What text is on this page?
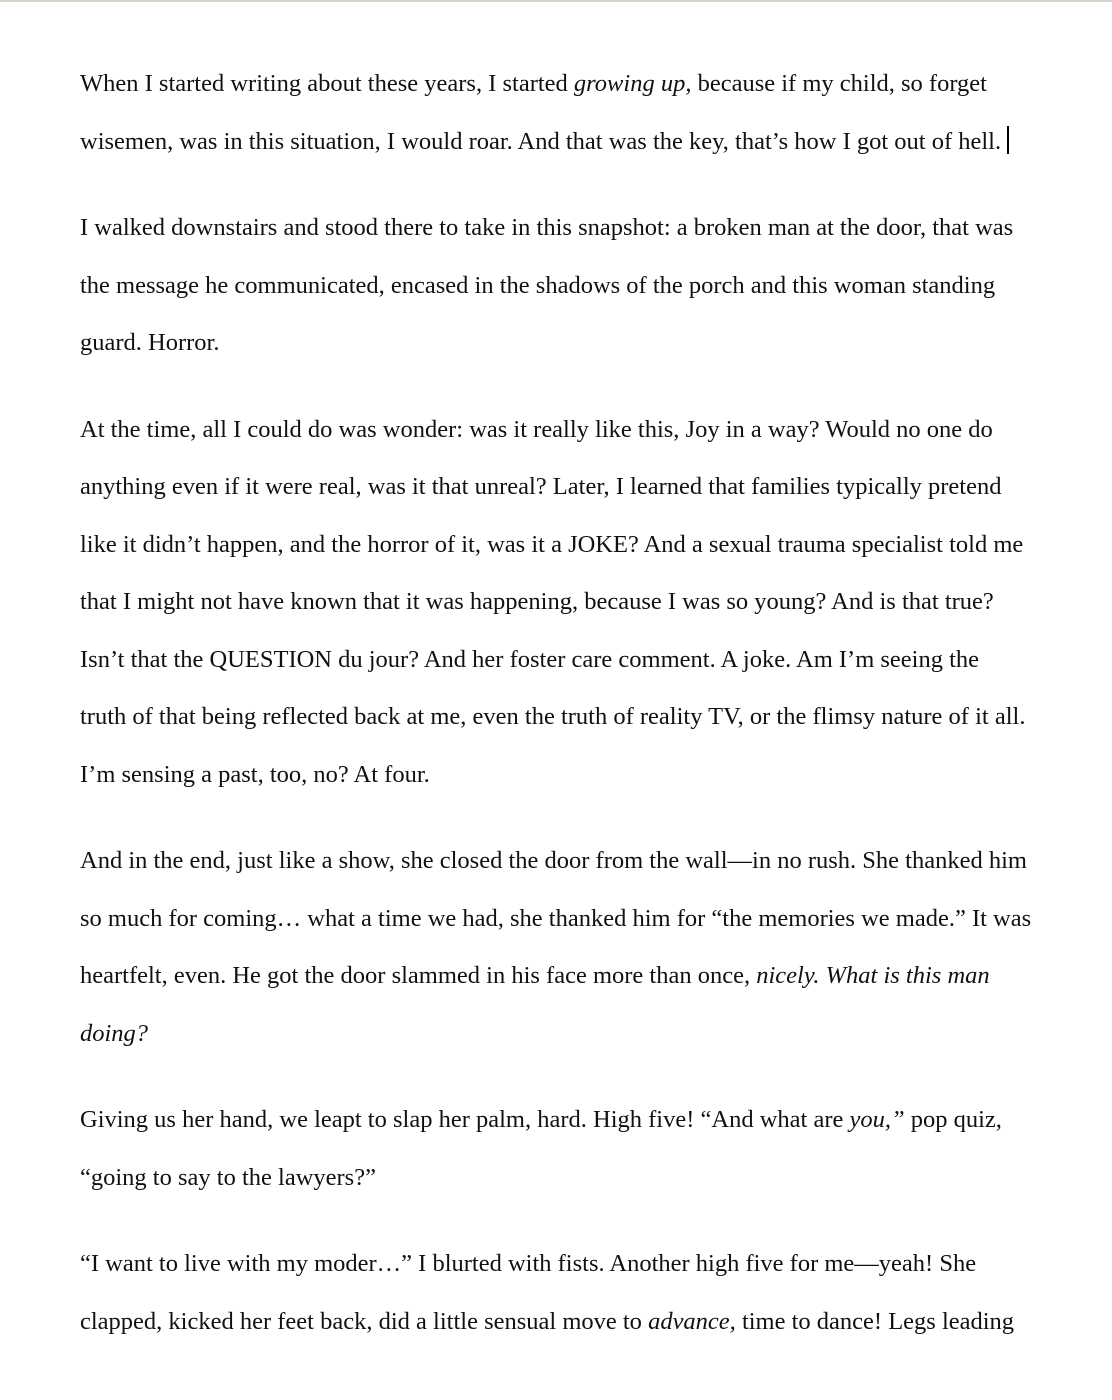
When I started writing about these years, I started growing up, because if my child, so forget
wisemen, was in this situation, I would roar. And that was the key, that’s how I got out of hell.

I walked downstairs and stood there to take in this snapshot: a broken man at the door, that was
the message he communicated, encased in the shadows of the porch and this woman standing
guard. Horror.

At the time, all I could do was wonder: was it really like this, Joy in a way? Would no one do
anything even if it were real, was it that unreal? Later, I learned that families typically pretend
like it didn’t happen, and the horror of it, was it a JOKE? And a sexual trauma specialist told me
that I might not have known that it was happening, because I was so young? And is that true?
Isn’t that the QUESTION du jour? And her foster care comment. A joke. Am I’m seeing the
truth of that being reflected back at me, even the truth of reality TV, or the flimsy nature of it all.
I’m sensing a past, too, no? At four.

And in the end, just like a show, she closed the door from the wall—in no rush. She thanked him
so much for coming… what a time we had, she thanked him for “the memories we made.” It was
heartfelt, even. He got the door slammed in his face more than once, nicely. What is this man
doing?

Giving us her hand, we leapt to slap her palm, hard. High five! “And what are you,” pop quiz,
“going to say to the lawyers?”

“I want to live with my moder…” I blurted with fists. Another high five for me—yeah! She
clapped, kicked her feet back, did a little sensual move to advance, time to dance! Legs leading
